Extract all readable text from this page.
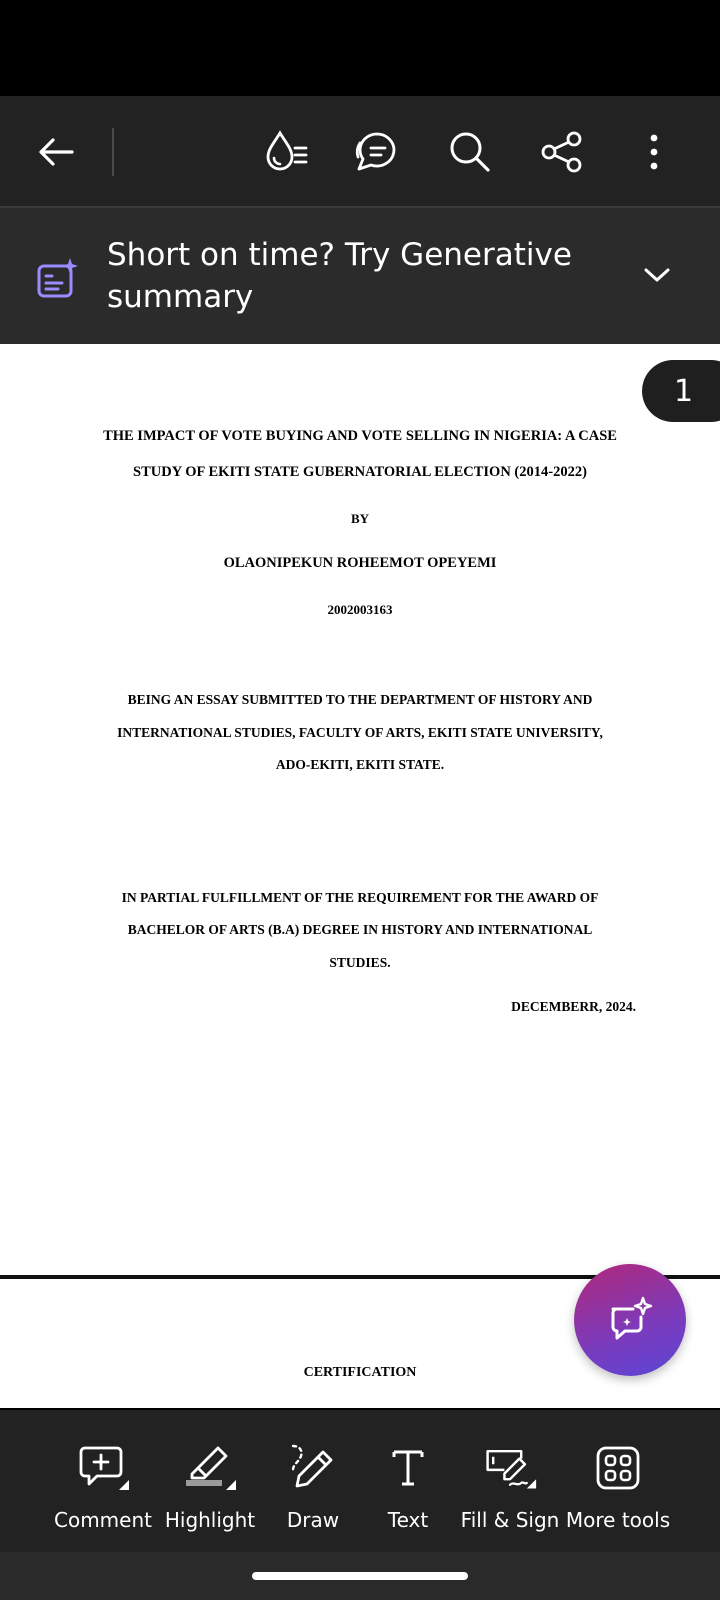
Short on time? Try Generative summary
1
THE IMPACT OF VOTE BUYING AND VOTE SELLING IN NIGERIA: A CASE
STUDY OF EKITI STATE GUBERNATORIAL ELECTION (2014-2022)
BY
OLAONIPEKUN ROHEEMOT OPEYEMI
2002003163
BEING AN ESSAY SUBMITTED TO THE DEPARTMENT OF HISTORY AND
INTERNATIONAL STUDIES, FACULTY OF ARTS, EKITI STATE UNIVERSITY,
ADO-EKITI, EKITI STATE.
IN PARTIAL FULFILLMENT OF THE REQUIREMENT FOR THE AWARD OF
BACHELOR OF ARTS (B.A) DEGREE IN HISTORY AND INTERNATIONAL
STUDIES.
DECEMBERR, 2024.
CERTIFICATION
Comment Highlight Draw Text Fill & Sign More tools
